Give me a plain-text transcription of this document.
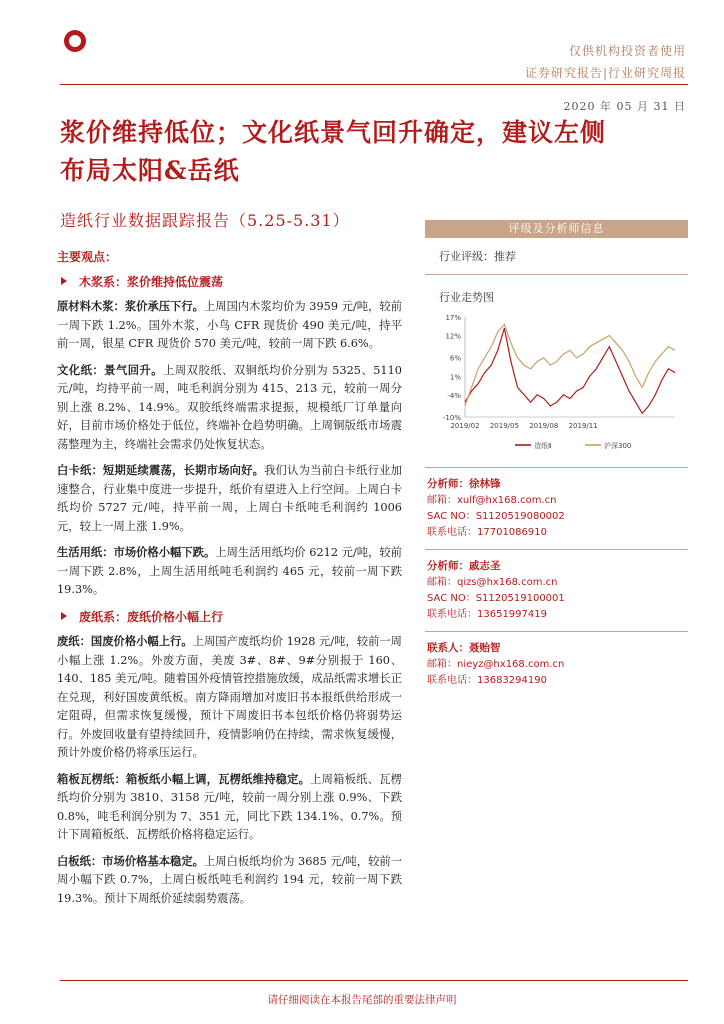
仅供机构投资者使用
证券研究报告|行业研究周报
2020 年 05 月 31 日
浆价维持低位；文化纸景气回升确定，建议左侧
布局太阳&岳纸
造纸行业数据跟踪报告（5.25-5.31）
主要观点：
木浆系：浆价维持低位震荡

原材料木浆：浆价承压下行。上周国内木浆均价为 3959 元/吨，较前一周下跌 1.2%。国外木浆，小鸟 CFR 现货价 490 美元/吨，持平前一周，银星 CFR 现货价 570 美元/吨，较前一周下跌 6.6%。

文化纸：景气回升。上周双胶纸、双铜纸均价分别为 5325、5110 元/吨，均持平前一周，吨毛利润分别为 415、213 元，较前一周分别上涨 8.2%、14.9%。双胶纸终端需求提振，规模纸厂订单量向好，目前市场价格处于低位，终端补仓趋势明确。上周铜版纸市场震荡整理为主，终端社会需求仍处恢复状态。

白卡纸：短期延续震荡，长期市场向好。我们认为当前白卡纸行业加速整合，行业集中度进一步提升，纸价有望进入上行空间。上周白卡纸均价 5727 元/吨，持平前一周，上周白卡纸吨毛利润约 1006 元，较上一周上涨 1.9%。

生活用纸：市场价格小幅下跌。上周生活用纸均价 6212 元/吨，较前一周下跌 2.8%，上周生活用纸吨毛利润约 465 元，较前一周下跌 19.3%。

废纸系：废纸价格小幅上行

废纸：国废价格小幅上行。上周国产废纸均价 1928 元/吨，较前一周小幅上涨 1.2%。外废方面，美废 3#、8#、9#分别报于 160、140、185 美元/吨。随着国外疫情管控措施放缓，成品纸需求增长正在兑现，利好国废黄纸板。南方降雨增加对废旧书本报纸供给形成一定阻碍，但需求恢复缓慢，预计下周废旧书本包纸价格仍将弱势运行。外废回收量有望持续回升，疫情影响仍在持续，需求恢复缓慢，预计外废价格仍将承压运行。

箱板瓦楞纸：箱板纸小幅上调，瓦楞纸维持稳定。上周箱板纸、瓦楞纸均价分别为 3810、3158 元/吨，较前一周分别上涨 0.9%、下跌 0.8%，吨毛利润分别为 7、351 元，同比下跌 134.1%、0.7%。预计下周箱板纸、瓦楞纸价格将稳定运行。

白板纸：市场价格基本稳定。上周白板纸均价为 3685 元/吨，较前一周小幅下跌 0.7%，上周白板纸吨毛利润约 194 元，较前一周下跌 19.3%。预计下周纸价延续弱势震荡。

评级及分析师信息
行业评级：推荐
行业走势图
17%
12%
6%
1%
-4%
-10%
2019/02 2019/05 2019/08 2019/11
造纸Ⅱ	沪深300
分析师：徐林锋
邮箱：xulf@hx168.com.cn
SAC NO：S1120519080002
联系电话：17701086910
分析师：戚志圣
邮箱：qizs@hx168.com.cn
SAC NO：S1120519100001
联系电话：13651997419
联系人：聂贻智
邮箱：nieyz@hx168.com.cn
联系电话：13683294190
请仔细阅读在本报告尾部的重要法律声明
